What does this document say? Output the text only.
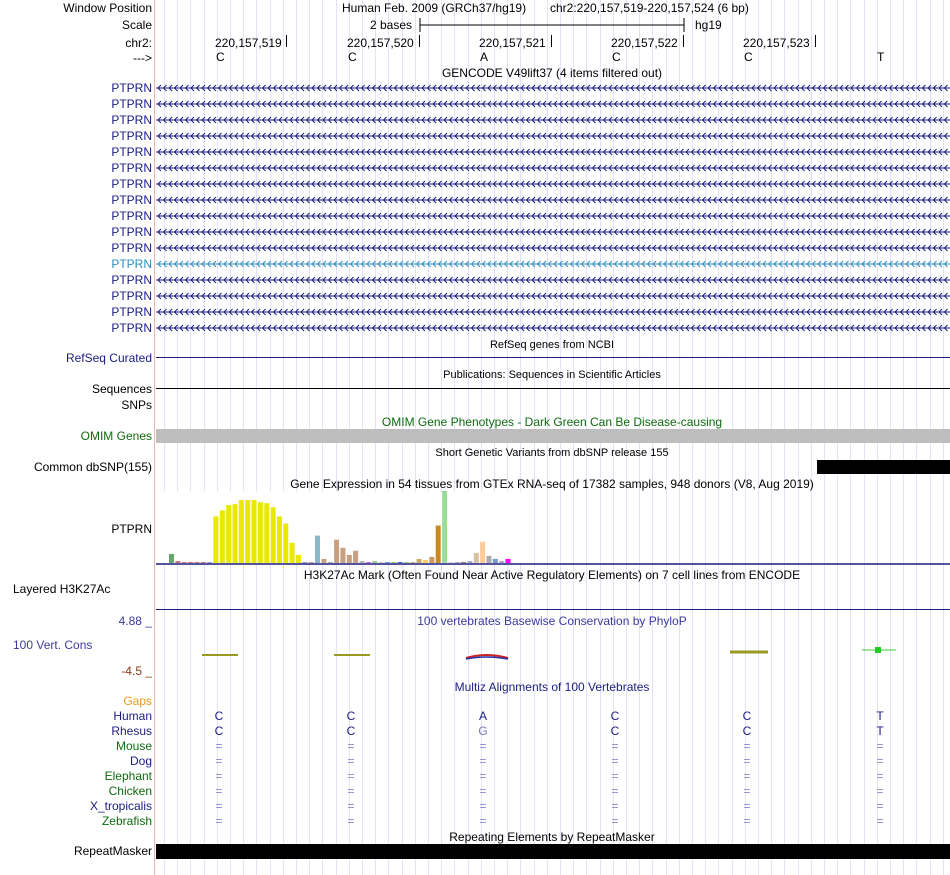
Window Position	Human Feb. 2009 (GRCh37/hg19) chr2:220,157,519-220,157,524 (6 bp)
Scale	2 bases	hg19
chr2:
--->
220,157,519	220,157,520	220,157,521	220,157,522	220,157,523
C	C	A	C	C	T
GENCODE V49lift37 (4 items filtered out)
PTPRN
PTPRN
PTPRN
PTPRN
PTPRN
PTPRN
PTPRN
PTPRN
PTPRN
PTPRN
PTPRN
PTPRN
PTPRN
PTPRN
PTPRN
PTPRN
RefSeq genes from NCBI
RefSeq Curated
Publications: Sequences in Scientific Articles
Sequences
SNPs
OMIM Gene Phenotypes - Dark Green Can Be Disease-causing
OMIM Genes
Short Genetic Variants from dbSNP release 155
Common dbSNP(155)
Gene Expression in 54 tissues from GTEx RNA-seq of 17382 samples, 948 donors (V8, Aug 2019)
PTPRN
H3K27Ac Mark (Often Found Near Active Regulatory Elements) on 7 cell lines from ENCODE
Layered H3K27Ac
100 vertebrates Basewise Conservation by PhyloP
4.88 _
100 Vert. Cons
-4.5 _
Multiz Alignments of 100 Vertebrates
Gaps
Human	C	C	A	C	C	T
Rhesus	C	C	G	C	C	T
Mouse	=	=	=	=	=	=
Dog	=	=	=	=	=	=
Elephant	=	=	=	=	=	=
Chicken	=	=	=	=	=	=
X_tropicalis	=	=	=	=	=	=
Zebrafish	=	=	=	=	=	=
Repeating Elements by RepeatMasker
RepeatMasker
